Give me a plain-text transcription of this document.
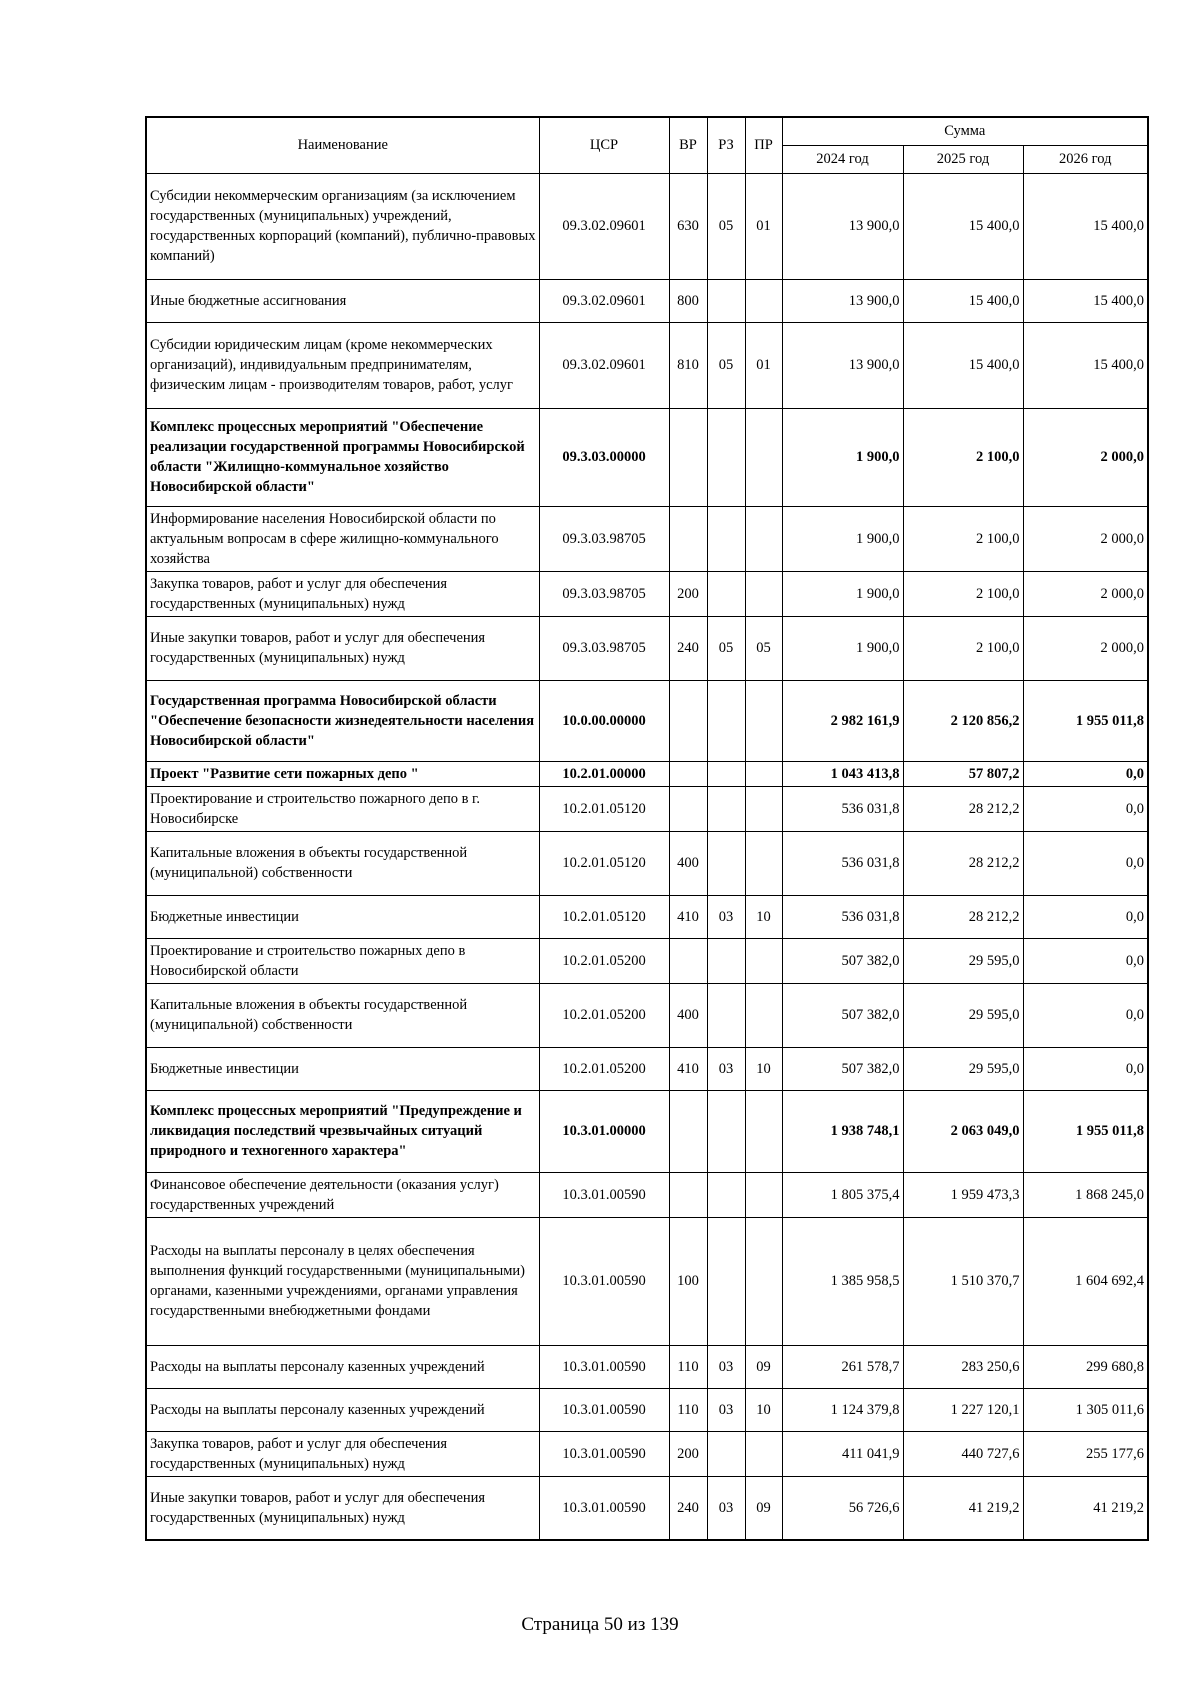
Наименование	ЦСР	ВР	РЗ	ПР	Сумма		
					2024 год	2025 год	2026 год
Субсидии некоммерческим организациям (за исключением государственных (муниципальных) учреждений, государственных корпораций (компаний), публично-правовых компаний)	09.3.02.09601	630	05	01	13 900,0	15 400,0	15 400,0
Иные бюджетные ассигнования	09.3.02.09601	800			13 900,0	15 400,0	15 400,0
Субсидии юридическим лицам (кроме некоммерческих организаций), индивидуальным предпринимателям, физическим лицам - производителям товаров, работ, услуг	09.3.02.09601	810	05	01	13 900,0	15 400,0	15 400,0
Комплекс процессных мероприятий "Обеспечение реализации государственной программы Новосибирской области "Жилищно-коммунальное хозяйство Новосибирской области"	09.3.03.00000				1 900,0	2 100,0	2 000,0
Информирование населения Новосибирской области по актуальным вопросам в сфере жилищно-коммунального хозяйства	09.3.03.98705				1 900,0	2 100,0	2 000,0
Закупка товаров, работ и услуг для обеспечения государственных (муниципальных) нужд	09.3.03.98705	200			1 900,0	2 100,0	2 000,0
Иные закупки товаров, работ и услуг для обеспечения государственных (муниципальных) нужд	09.3.03.98705	240	05	05	1 900,0	2 100,0	2 000,0
Государственная программа Новосибирской области "Обеспечение безопасности жизнедеятельности населения Новосибирской области"	10.0.00.00000				2 982 161,9	2 120 856,2	1 955 011,8
Проект "Развитие сети пожарных депо "	10.2.01.00000				1 043 413,8	57 807,2	0,0
Проектирование и строительство пожарного депо в г. Новосибирске	10.2.01.05120				536 031,8	28 212,2	0,0
Капитальные вложения в объекты государственной (муниципальной) собственности	10.2.01.05120	400			536 031,8	28 212,2	0,0
Бюджетные инвестиции	10.2.01.05120	410	03	10	536 031,8	28 212,2	0,0
Проектирование и строительство пожарных депо в Новосибирской области	10.2.01.05200				507 382,0	29 595,0	0,0
Капитальные вложения в объекты государственной (муниципальной) собственности	10.2.01.05200	400			507 382,0	29 595,0	0,0
Бюджетные инвестиции	10.2.01.05200	410	03	10	507 382,0	29 595,0	0,0
Комплекс процессных мероприятий "Предупреждение и ликвидация последствий чрезвычайных ситуаций природного и техногенного характера"	10.3.01.00000				1 938 748,1	2 063 049,0	1 955 011,8
Финансовое обеспечение деятельности (оказания услуг) государственных учреждений	10.3.01.00590				1 805 375,4	1 959 473,3	1 868 245,0
Расходы на выплаты персоналу в целях обеспечения выполнения функций государственными (муниципальными) органами, казенными учреждениями, органами управления государственными внебюджетными фондами	10.3.01.00590	100			1 385 958,5	1 510 370,7	1 604 692,4
Расходы на выплаты персоналу казенных учреждений	10.3.01.00590	110	03	09	261 578,7	283 250,6	299 680,8
Расходы на выплаты персоналу казенных учреждений	10.3.01.00590	110	03	10	1 124 379,8	1 227 120,1	1 305 011,6
Закупка товаров, работ и услуг для обеспечения государственных (муниципальных) нужд	10.3.01.00590	200			411 041,9	440 727,6	255 177,6
Иные закупки товаров, работ и услуг для обеспечения государственных (муниципальных) нужд	10.3.01.00590	240	03	09	56 726,6	41 219,2	41 219,2
Страница 50 из 139
